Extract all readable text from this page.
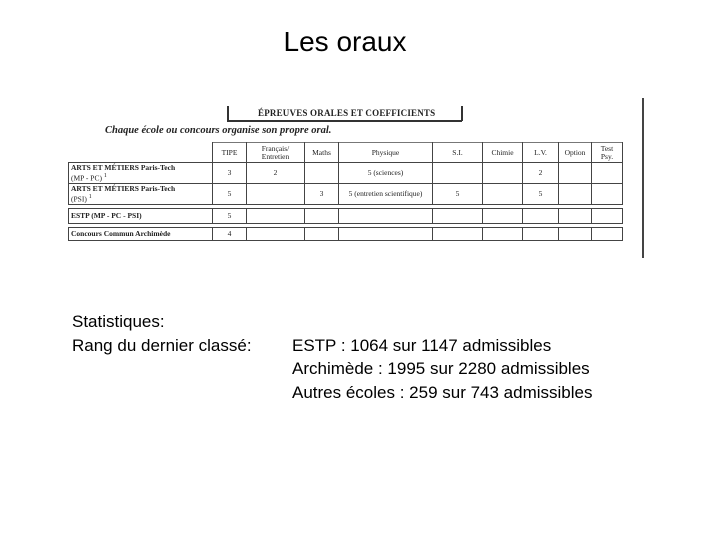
Les oraux
ÉPREUVES ORALES ET COEFFICIENTS
Chaque école ou concours organise son propre oral.
	TIPE	Français/ Entretien	Maths	Physique	S.I.	Chimie	L.V.	Option	Test Psy.
ARTS ET MÉTIERS Paris-Tech
(MP - PC) $^1$	3	2		5 (sciences)			2		
ARTS ET MÉTIERS Paris-Tech
(PSI) $^1$	5		3	5 (entretien scientifique)	5		5		

ESTP (MP - PC - PSI)	5								

Concours Commun Archimède	4								
Statistiques:
Rang du dernier classé: ESTP : 1064 sur 1147 admissibles
Archimède : 1995 sur 2280 admissibles
Autres écoles : 259 sur 743 admissibles
